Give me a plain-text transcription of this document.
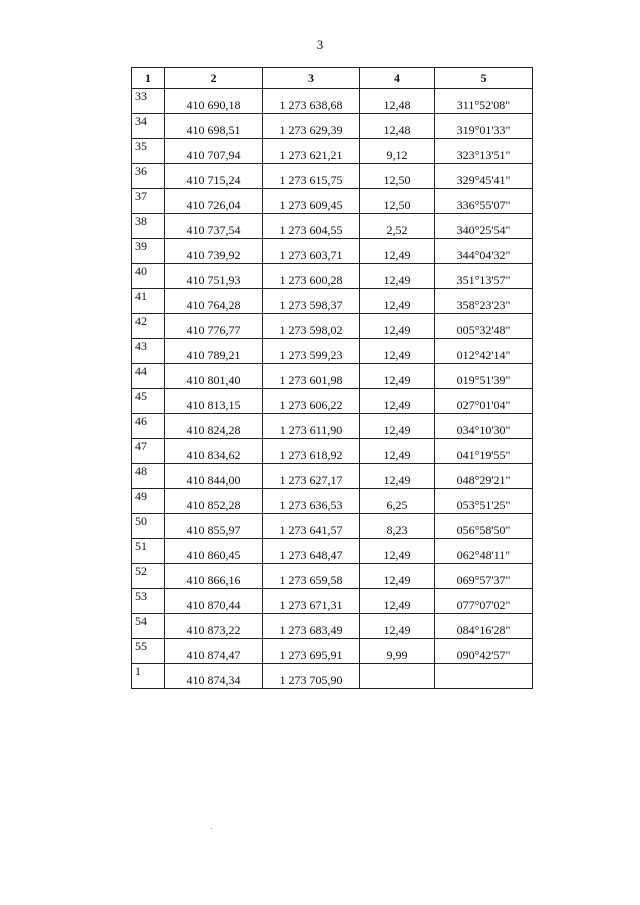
3
1	2	3	4	5
33	410 690,18	1 273 638,68	12,48	311°52'08"
34	410 698,51	1 273 629,39	12,48	319°01'33"
35	410 707,94	1 273 621,21	9,12	323°13'51"
36	410 715,24	1 273 615,75	12,50	329°45'41"
37	410 726,04	1 273 609,45	12,50	336°55'07"
38	410 737,54	1 273 604,55	2,52	340°25'54"
39	410 739,92	1 273 603,71	12,49	344°04'32"
40	410 751,93	1 273 600,28	12,49	351°13'57"
41	410 764,28	1 273 598,37	12,49	358°23'23"
42	410 776,77	1 273 598,02	12,49	005°32'48"
43	410 789,21	1 273 599,23	12,49	012°42'14"
44	410 801,40	1 273 601,98	12,49	019°51'39"
45	410 813,15	1 273 606,22	12,49	027°01'04"
46	410 824,28	1 273 611,90	12,49	034°10'30"
47	410 834,62	1 273 618,92	12,49	041°19'55"
48	410 844,00	1 273 627,17	12,49	048°29'21"
49	410 852,28	1 273 636,53	6,25	053°51'25"
50	410 855,97	1 273 641,57	8,23	056°58'50"
51	410 860,45	1 273 648,47	12,49	062°48'11"
52	410 866,16	1 273 659,58	12,49	069°57'37"
53	410 870,44	1 273 671,31	12,49	077°07'02"
54	410 873,22	1 273 683,49	12,49	084°16'28"
55	410 874,47	1 273 695,91	9,99	090°42'57"
1	410 874,34	1 273 705,90		
